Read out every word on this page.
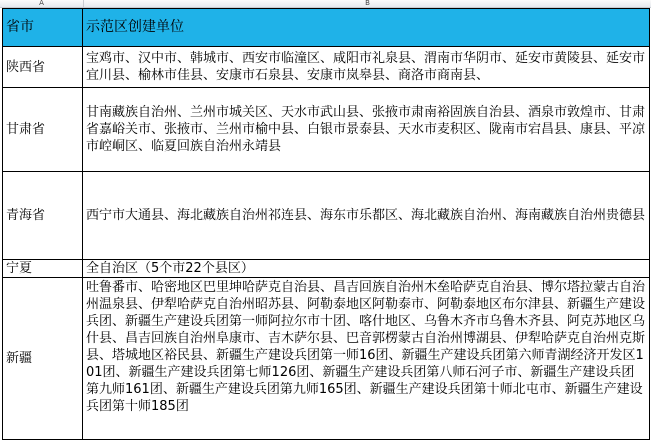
A	B
省市	示范区创建单位
陕西省	宝鸡市、汉中市、韩城市、西安市临潼区、咸阳市礼泉县、渭南市华阴市、延安市黄陵县、延安市宜川县、榆林市佳县、安康市石泉县、安康市岚皋县、商洛市商南县、
甘肃省	甘南藏族自治州、兰州市城关区、天水市武山县、张掖市肃南裕固族自治县、酒泉市敦煌市、甘肃省嘉峪关市、张掖市、兰州市榆中县、白银市景泰县、天水市麦积区、陇南市宕昌县、康县、平凉市崆峒区、临夏回族自治州永靖县
青海省	西宁市大通县、海北藏族自治州祁连县、海东市乐都区、海北藏族自治州、海南藏族自治州贵德县
宁夏	全自治区（5个市22个县区）
新疆	吐鲁番市、哈密地区巴里坤哈萨克自治县、昌吉回族自治州木垒哈萨克自治县、博尔塔拉蒙古自治州温泉县、伊犁哈萨克自治州昭苏县、阿勒泰地区阿勒泰市、阿勒泰地区布尔津县、新疆生产建设兵团、新疆生产建设兵团第一师阿拉尔市十团、喀什地区、乌鲁木齐市乌鲁木齐县、阿克苏地区乌什县、昌吉回族自治州阜康市、吉木萨尔县、巴音郭楞蒙古自治州博湖县、伊犁哈萨克自治州克斯县、塔城地区裕民县、新疆生产建设兵团第一师16团、新疆生产建设兵团第六师青湖经济开发区101团、新疆生产建设兵团第七师126团、新疆生产建设兵团第八师石河子市、新疆生产建设兵团第九师161团、新疆生产建设兵团第九师165团、新疆生产建设兵团第十师北屯市、新疆生产建设兵团第十师185团
